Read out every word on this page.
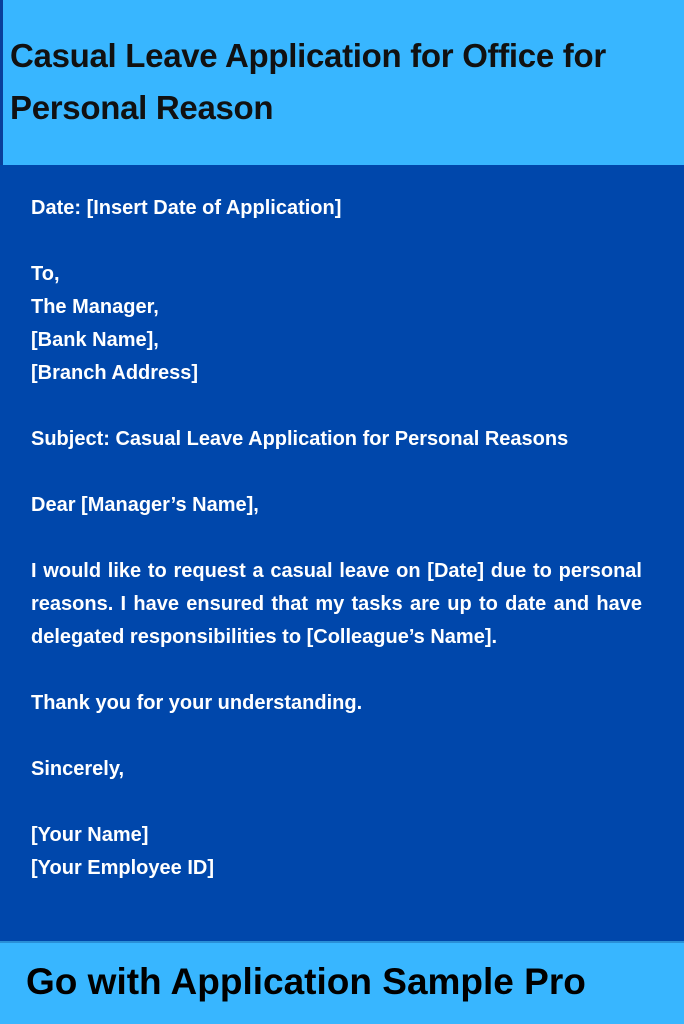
Casual Leave Application for Office for Personal Reason

Date: [Insert Date of Application]

To,

The Manager,

[Bank Name],

[Branch Address]

Subject: Casual Leave Application for Personal Reasons

Dear [Manager’s Name],

I would like to request a casual leave on [Date] due to personal reasons. I have ensured that my tasks are up to date and have delegated responsibilities to [Colleague’s Name].

Thank you for your understanding.

Sincerely,

[Your Name]

[Your Employee ID]

Go with Application Sample Pro
